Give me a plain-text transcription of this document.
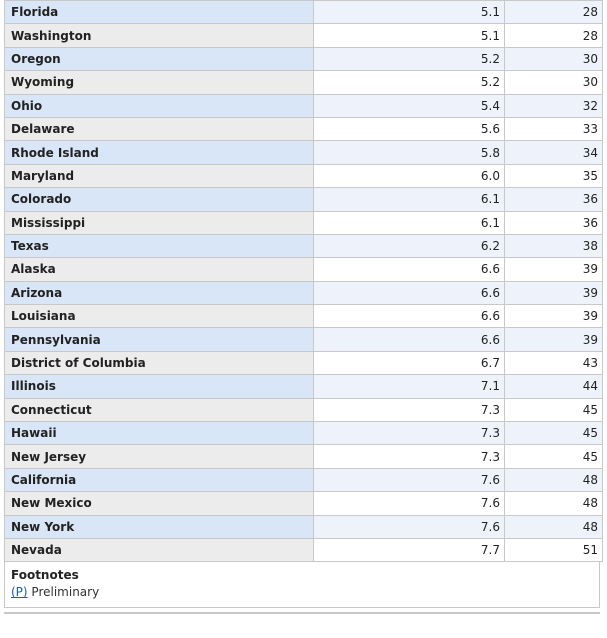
Florida	5.1	28
Washington	5.1	28
Oregon	5.2	30
Wyoming	5.2	30
Ohio	5.4	32
Delaware	5.6	33
Rhode Island	5.8	34
Maryland	6.0	35
Colorado	6.1	36
Mississippi	6.1	36
Texas	6.2	38
Alaska	6.6	39
Arizona	6.6	39
Louisiana	6.6	39
Pennsylvania	6.6	39
District of Columbia	6.7	43
Illinois	7.1	44
Connecticut	7.3	45
Hawaii	7.3	45
New Jersey	7.3	45
California	7.6	48
New Mexico	7.6	48
New York	7.6	48
Nevada	7.7	51
Footnotes
(P) Preliminary
